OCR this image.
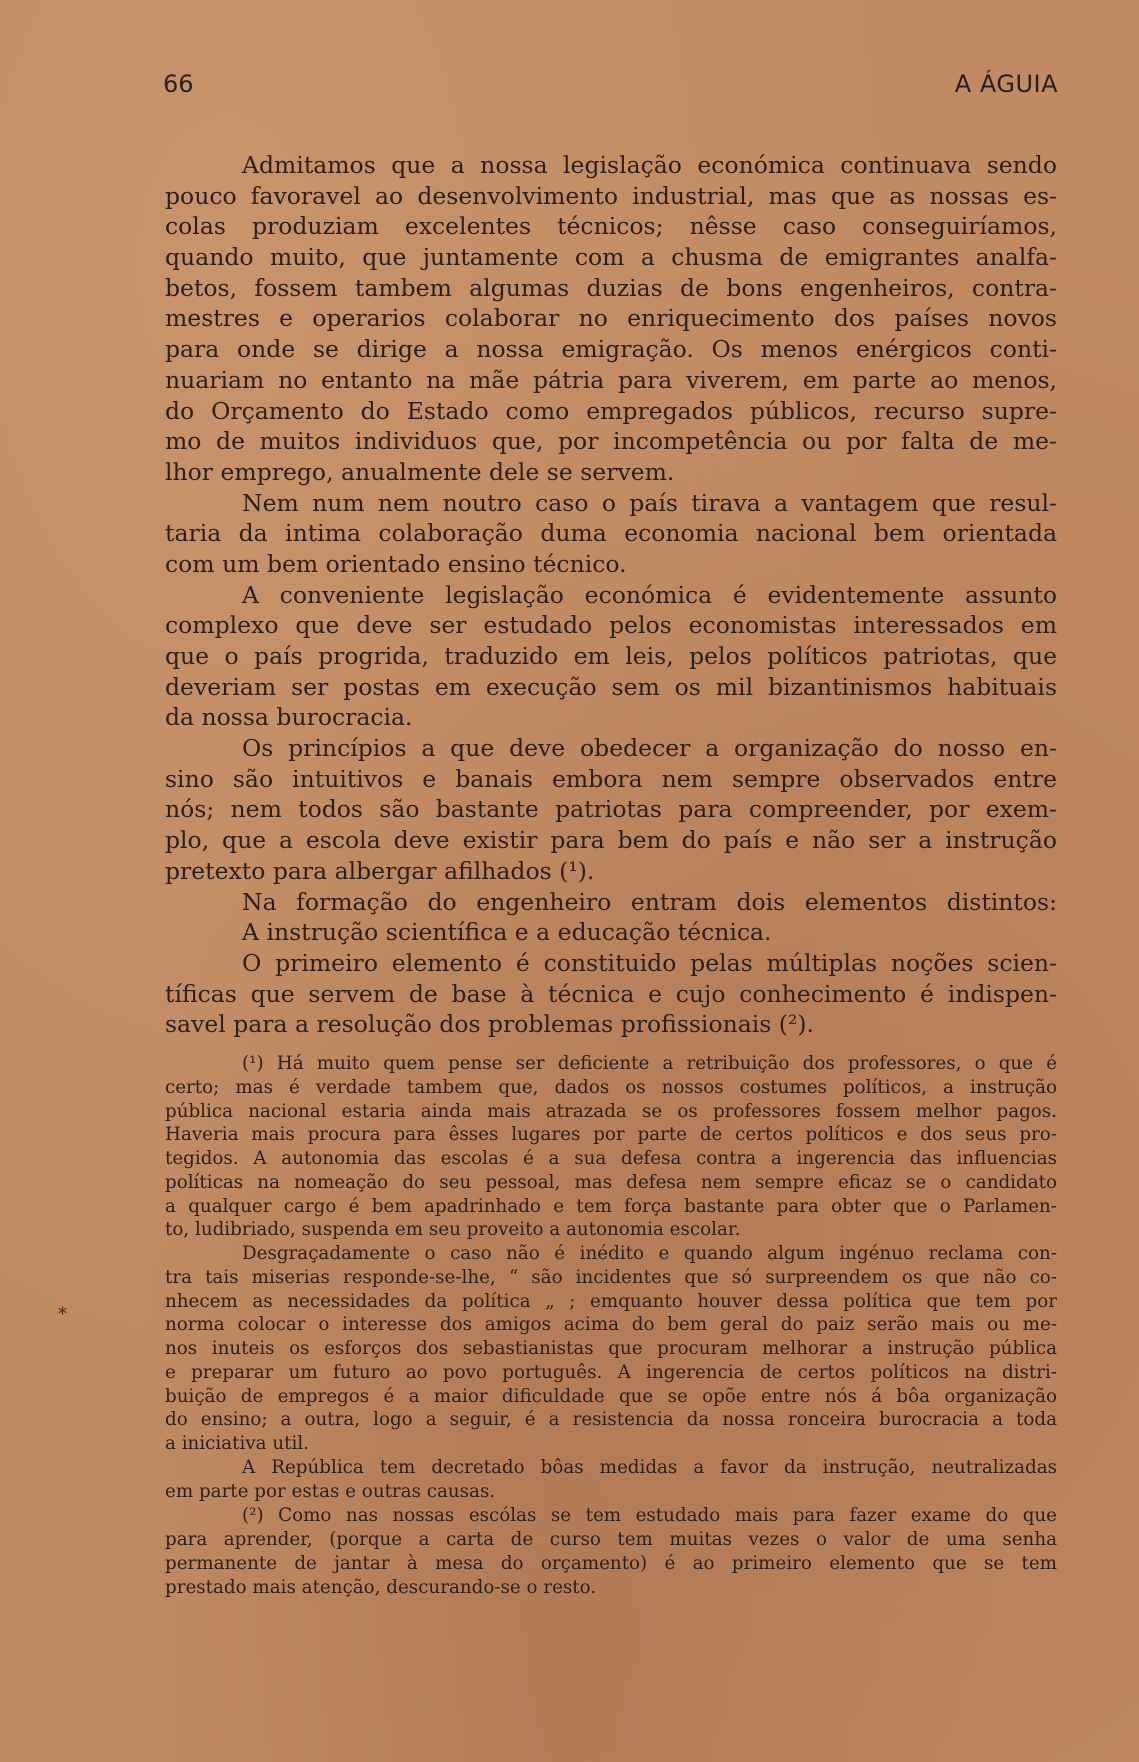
66	A ÁGUIA
Admitamos que a nossa legislação económica continuava sendo
pouco favoravel ao desenvolvimento industrial, mas que as nossas es-
colas produziam excelentes técnicos; nêsse caso conseguiríamos,
quando muito, que juntamente com a chusma de emigrantes analfa-
betos, fossem tambem algumas duzias de bons engenheiros, contra-
mestres e operarios colaborar no enriquecimento dos países novos
para onde se dirige a nossa emigração. Os menos enérgicos conti-
nuariam no entanto na mãe pátria para viverem, em parte ao menos,
do Orçamento do Estado como empregados públicos, recurso supre-
mo de muitos individuos que, por incompetência ou por falta de me-
lhor emprego, anualmente dele se servem.
Nem num nem noutro caso o país tirava a vantagem que resul-
taria da intima colaboração duma economia nacional bem orientada
com um bem orientado ensino técnico.
A conveniente legislação económica é evidentemente assunto
complexo que deve ser estudado pelos economistas interessados em
que o país progrida, traduzido em leis, pelos políticos patriotas, que
deveriam ser postas em execução sem os mil bizantinismos habituais
da nossa burocracia.
Os princípios a que deve obedecer a organização do nosso en-
sino são intuitivos e banais embora nem sempre observados entre
nós; nem todos são bastante patriotas para compreender, por exem-
plo, que a escola deve existir para bem do país e não ser a instrução
pretexto para albergar afilhados (¹).
Na formação do engenheiro entram dois elementos distintos:
A instrução scientífica e a educação técnica.
O primeiro elemento é constituido pelas múltiplas noções scien-
tíficas que servem de base à técnica e cujo conhecimento é indispen-
savel para a resolução dos problemas profissionais (²).
(¹) Há muito quem pense ser deficiente a retribuição dos professores, o que é
certo; mas é verdade tambem que, dados os nossos costumes políticos, a instrução
pública nacional estaria ainda mais atrazada se os professores fossem melhor pagos.
Haveria mais procura para êsses lugares por parte de certos políticos e dos seus pro-
tegidos. A autonomia das escolas é a sua defesa contra a ingerencia das influencias
políticas na nomeação do seu pessoal, mas defesa nem sempre eficaz se o candidato
a qualquer cargo é bem apadrinhado e tem força bastante para obter que o Parlamen-
to, ludibriado, suspenda em seu proveito a autonomia escolar.
Desgraçadamente o caso não é inédito e quando algum ingénuo reclama con-
tra tais miserias responde-se-lhe, “ são incidentes que só surpreendem os que não co-
nhecem as necessidades da política „ ; emquanto houver dessa política que tem por
norma colocar o interesse dos amigos acima do bem geral do paiz serão mais ou me-
nos inuteis os esforços dos sebastianistas que procuram melhorar a instrução pública
e preparar um futuro ao povo português. A ingerencia de certos políticos na distri-
buição de empregos é a maior dificuldade que se opõe entre nós á bôa organização
do ensino; a outra, logo a seguir, é a resistencia da nossa ronceira burocracia a toda
a iniciativa util.
A República tem decretado bôas medidas a favor da instrução, neutralizadas
em parte por estas e outras causas.
(²) Como nas nossas escólas se tem estudado mais para fazer exame do que
para aprender, (porque a carta de curso tem muitas vezes o valor de uma senha
permanente de jantar à mesa do orçamento) é ao primeiro elemento que se tem
prestado mais atenção, descurando-se o resto.
*
